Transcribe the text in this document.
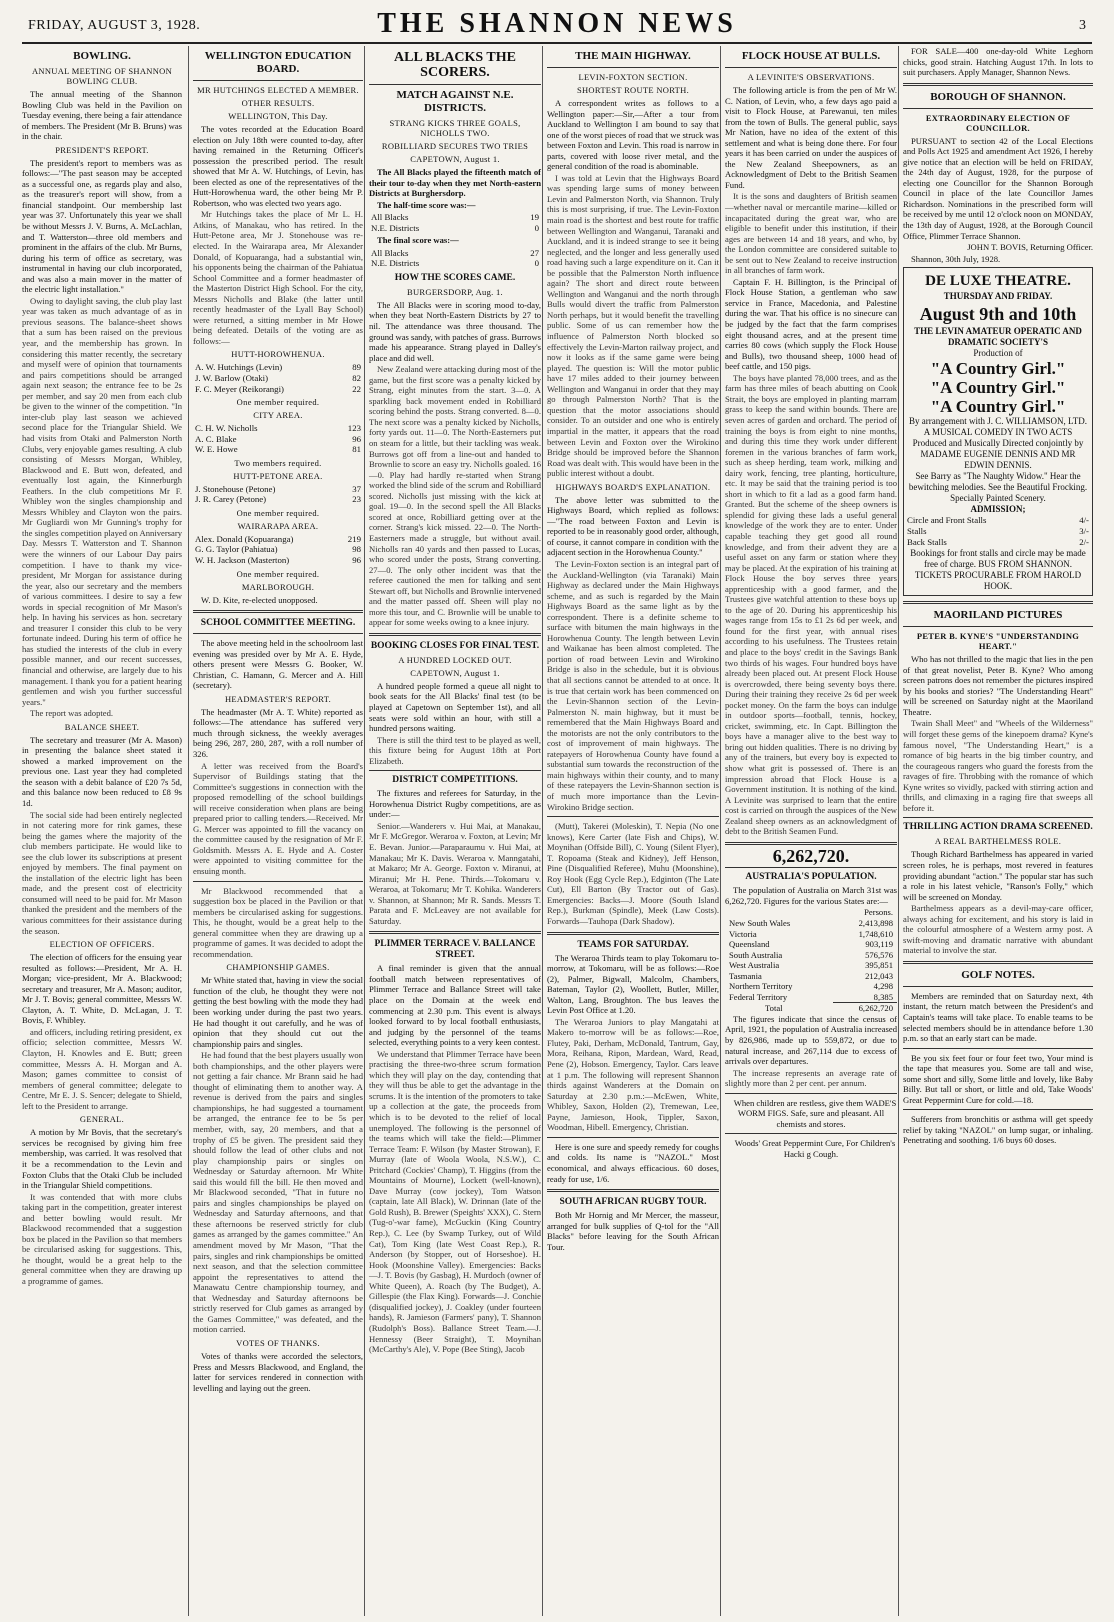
FRIDAY, AUGUST 3, 1928.	THE SHANNON NEWS	3
BOWLING.
ANNUAL MEETING OF SHANNON BOWLING CLUB.

The annual meeting of the Shannon Bowling Club was held in the Pavilion on Tuesday evening, there being a fair attendance of members. The President (Mr B. Bruns) was in the chair.

PRESIDENT'S REPORT.

The president's report to members was as follows:—"The past season may be accepted as a successful one, as regards play and also, as the treasurer's report will show, from a financial standpoint. Our membership last year was 37. Unfortunately this year we shall be without Messrs J. V. Burns, A. McLachlan, and T. Watterston—three old members and prominent in the affairs of the club. Mr Burns, during his term of office as secretary, was instrumental in having our club incorporated, and was also a main mover in the matter of the electric light installation."

Owing to daylight saving, the club play last year was taken as much advantage of as in previous seasons. The balance-sheet shows that a sum has been raised on the previous year, and the membership has grown. In considering this matter recently, the secretary and myself were of opinion that tournaments and pairs competitions should be arranged again next season; the entrance fee to be 2s per member, and say 20 men from each club be given to the winner of the competition. "In inter-club play last season we achieved second place for the Triangular Shield. We had visits from Otaki and Palmerston North Clubs, very enjoyable games resulting. A club consisting of Messrs Morgan, Whibley, Blackwood and E. Butt won, defeated, and eventually lost again, the Kinnerburgh Feathers. In the club competitions Mr F. Whibley won the singles championship and Messrs Whibley and Clayton won the pairs. Mr Gugliardi won Mr Gunning's trophy for the singles competition played on Anniversary Day. Messrs T. Watterston and T. Shannon were the winners of our Labour Day pairs competition. I have to thank my vice-president, Mr Morgan for assistance during the year, also our secretary and the members of various committees. I desire to say a few words in special recognition of Mr Mason's help. In having his services as hon. secretary and treasurer I consider this club to be very fortunate indeed. During his term of office he has studied the interests of the club in every possible manner, and our recent successes, financial and otherwise, are largely due to his management. I thank you for a patient hearing gentlemen and wish you further successful years."

The report was adopted.

BALANCE SHEET.

The secretary and treasurer (Mr A. Mason) in presenting the balance sheet stated it showed a marked improvement on the previous one. Last year they had completed the season with a debit balance of £20 7s 5d, and this balance now been reduced to £8 9s 1d.

The social side had been entirely neglected in not catering more for rink games, these being the games where the majority of the club members participate. He would like to see the club lower its subscriptions at present enjoyed by members. The final payment on the installation of the electric light has been made, and the present cost of electricity consumed will need to be paid for. Mr Mason thanked the president and the members of the various committees for their assistance during the season.

ELECTION OF OFFICERS.

The election of officers for the ensuing year resulted as follows:—President, Mr A. H. Morgan; vice-president, Mr A. Blackwood; secretary and treasurer, Mr A. Mason; auditor, Mr J. T. Bovis; general committee, Messrs W. Clayton, A. T. White, D. McLagan, J. T. Bovis, F. Whibley.

and officers, including retiring president, ex officio; selection committee, Messrs W. Clayton, H. Knowles and E. Butt; green committee, Messrs A. H. Morgan and A. Mason; games committee to consist of members of general committee; delegate to Centre, Mr E. J. S. Sencer; delegate to Shield, left to the President to arrange.

GENERAL.

A motion by Mr Bovis, that the secretary's services be recognised by giving him free membership, was carried. It was resolved that it be a recommendation to the Levin and Foxton Clubs that the Otaki Club be included in the Triangular Shield competitions.

It was contended that with more clubs taking part in the competition, greater interest and better bowling would result. Mr Blackwood recommended that a suggestion box be placed in the Pavilion so that members be circularised asking for suggestions. This, he thought, would be a great help to the general committee when they are drawing up a programme of games.

WELLINGTON EDUCATION BOARD.
MR HUTCHINGS ELECTED A MEMBER.
OTHER RESULTS.
WELLINGTON, This Day.

The votes recorded at the Education Board election on July 18th were counted to-day, after having remained in the Returning Officer's possession the prescribed period. The result showed that Mr A. W. Hutchings, of Levin, has been elected as one of the representatives of the Hutt-Horowhenua ward, the other being Mr P. Robertson, who was elected two years ago.

Mr Hutchings takes the place of Mr L. H. Atkins, of Manakau, who has retired. In the Hutt-Petone area, Mr J. Stonehouse was re-elected. In the Wairarapa area, Mr Alexander Donald, of Kopuaranga, had a substantial win, his opponents being the chairman of the Pahiatua School Committee and a former headmaster of the Masterton District High School. For the city, Messrs Nicholls and Blake (the latter until recently headmaster of the Lyall Bay School) were returned, a sitting member in Mr Howe being defeated. Details of the voting are as follows:—

HUTT-HOROWHENUA.
A. W. Hutchings (Levin)	89
J. W. Barlow (Otaki)	82
F. C. Meyer (Reikorangi)	22
One member required.
CITY AREA.
C. H. W. Nicholls	123
A. C. Blake	96
W. E. Howe	81
Two members required.
HUTT-PETONE AREA.
J. Stonehouse (Petone)	37
J. R. Carey (Petone)	23
One member required.
WAIRARAPA AREA.
Alex. Donald (Kopuaranga)	219
G. G. Taylor (Pahiatua)	98
W. H. Jackson (Masterton)	96
One member required.
MARLBOROUGH.

W. D. Kite, re-elected unopposed.

SCHOOL COMMITTEE MEETING.

The above meeting held in the schoolroom last evening was presided over by Mr A. E. Hyde, others present were Messrs G. Booker, W. Christian, C. Hamann, G. Mercer and A. Hill (secretary).

HEADMASTER'S REPORT.

The headmaster (Mr A. T. White) reported as follows:—The attendance has suffered very much through sickness, the weekly averages being 296, 287, 280, 287, with a roll number of 326.

A letter was received from the Board's Supervisor of Buildings stating that the Committee's suggestions in connection with the proposed remodelling of the school buildings will receive consideration when plans are being prepared prior to calling tenders.—Received. Mr G. Mercer was appointed to fill the vacancy on the committee caused by the resignation of Mr F. Goldsmith. Messrs A. E. Hyde and A. Coster were appointed to visiting committee for the ensuing month.

Mr Blackwood recommended that a suggestion box be placed in the Pavilion or that members be circularised asking for suggestions. This, he thought, would be a great help to the general committee when they are drawing up a programme of games. It was decided to adopt the recommendation.

CHAMPIONSHIP GAMES.

Mr White stated that, having in view the social function of the club, he thought they were not getting the best bowling with the mode they had been working under during the past two years. He had thought it out carefully, and he was of opinion that they should cut out the championship pairs and singles.

He had found that the best players usually won both championships, and the other players were not getting a fair chance. Mr Brann said he had thought of eliminating them to another way. A revenue is derived from the pairs and singles championships, he had suggested a tournament be arranged, the entrance fee to be 5s per member, with, say, 20 members, and that a trophy of £5 be given. The president said they should follow the lead of other clubs and not play championship pairs or singles on Wednesday or Saturday afternoon. Mr White said this would fill the bill. He then moved and Mr Blackwood seconded, "That in future no pairs and singles championships be played on Wednesday and Saturday afternoons, and that these afternoons be reserved strictly for club games as arranged by the games committee." An amendment moved by Mr Mason, "That the pairs, singles and rink championships be omitted next season, and that the selection committee appoint the representatives to attend the Manawatu Centre championship tourney, and that Wednesday and Saturday afternoons be strictly reserved for Club games as arranged by the Games Committee," was defeated, and the motion carried.

VOTES OF THANKS.

Votes of thanks were accorded the selectors, Press and Messrs Blackwood, and England, the latter for services rendered in connection with levelling and laying out the green.

ALL BLACKS THE SCORERS.
MATCH AGAINST N.E. DISTRICTS.
STRANG KICKS THREE GOALS, NICHOLLS TWO.
ROBILLIARD SECURES TWO TRIES
CAPETOWN, August 1.

The All Blacks played the fifteenth match of their tour to-day when they met North-eastern Districts at Burghersdorp.

The half-time score was:—

All Blacks	19
N.E. Districts	0

The final score was:—

All Blacks	27
N.E. Districts	0
HOW THE SCORES CAME.
BURGERSDORP, Aug. 1.

The All Blacks were in scoring mood to-day, when they beat North-Eastern Districts by 27 to nil. The attendance was three thousand. The ground was sandy, with patches of grass. Burrows made his appearance. Strang played in Dalley's place and did well.

New Zealand were attacking during most of the game, but the first score was a penalty kicked by Strang, eight minutes from the start. 3—0. A sparkling back movement ended in Robilliard scoring behind the posts. Strang converted. 8—0. The next score was a penalty kicked by Nicholls, forty yards out. 11—0. The North-Easterners put on steam for a little, but their tackling was weak. Burrows got off from a line-out and handed to Brownlie to score an easy try. Nicholls goaled. 16—0. Play had hardly re-started when Strang worked the blind side of the scrum and Robilliard scored. Nicholls just missing with the kick at goal. 19—0. In the second spell the All Blacks scored at once, Robilliard getting over at the corner. Strang's kick missed. 22—0. The North-Easterners made a struggle, but without avail. Nicholls ran 40 yards and then passed to Lucas, who scored under the posts, Strang converting. 27—0. The only other incident was that the referee cautioned the men for talking and sent Stewart off, but Nicholls and Brownlie intervened and the matter passed off. Sheen will play no more this tour, and C. Brownlie will be unable to appear for some weeks owing to a knee injury.

BOOKING CLOSES FOR FINAL TEST.
A HUNDRED LOCKED OUT.
CAPETOWN, August 1.

A hundred people formed a queue all night to book seats for the All Blacks' final test (to be played at Capetown on September 1st), and all seats were sold within an hour, with still a hundred persons waiting.

There is still the third test to be played as well, this fixture being for August 18th at Port Elizabeth.

DISTRICT COMPETITIONS.

The fixtures and referees for Saturday, in the Horowhenua District Rugby competitions, are as under:—

Senior.—Wanderers v. Hui Mai, at Manakau, Mr F. McGregor. Weraroa v. Foxton, at Levin; Mr E. Bevan. Junior.—Paraparaumu v. Hui Mai, at Manakau; Mr K. Davis. Weraroa v. Manngatahi, at Makaro; Mr A. George. Foxton v. Miranui, at Miranui; Mr H. Pene. Thirds.—Tokomaru v. Weraroa, at Tokomaru; Mr T. Kohika. Wanderers v. Shannon, at Shannon; Mr R. Sands. Messrs T. Parata and F. McLeavey are not available for Saturday.

PLIMMER TERRACE V. BALLANCE STREET.

A final reminder is given that the annual football match between representatives of Plimmer Terrace and Ballance Street will take place on the Domain at the week end commencing at 2.30 p.m. This event is always looked forward to by local football enthusiasts, and judging by the personnel of the teams selected, everything points to a very keen contest.

We understand that Plimmer Terrace have been practising the three-two-three scrum formation which they will play on the day, contending that they will thus be able to get the advantage in the scrums. It is the intention of the promoters to take up a collection at the gate, the proceeds from which is to be devoted to the relief of local unemployed. The following is the personnel of the teams which will take the field:—Plimmer Terrace Team: F. Wilson (by Master Strowan), F. Murray (late of Woola Woola, N.S.W.), C. Pritchard (Cockies' Champ), T. Higgins (from the Mountains of Mourne), Lockett (well-known), Dave Murray (cow jockey), Tom Watson (captain, late All Black), W. Drinnan (late of the Gold Rush), B. Brewer (Speights' XXX), C. Stern (Tug-o'-war fame), McGuckin (King Country Rep.), C. Lee (by Swamp Turkey, out of Wild Cat), Tom King (late West Coast Rep.), R. Anderson (by Stopper, out of Horseshoe). H. Hook (Moonshine Valley). Emergencies: Backs—J. T. Bovis (by Gasbag), H. Murdoch (owner of White Queen), A. Roach (by The Budget), A. Gillespie (the Flax King). Forwards—J. Conchie (disqualified jockey), J. Coakley (under fourteen hands), R. Jamieson (Farmers' pany), T. Shannon (Rudolph's Boss). Ballance Street Team.—J. Hennessy (Beer Straight), T. Moynihan (McCarthy's Ale), V. Pope (Bee Sting), Jacob

THE MAIN HIGHWAY.
LEVIN-FOXTON SECTION.
SHORTEST ROUTE NORTH.

A correspondent writes as follows to a Wellington paper:—Sir,—After a tour from Auckland to Wellington I am bound to say that one of the worst pieces of road that we struck was between Foxton and Levin. This road is narrow in parts, covered with loose river metal, and the general condition of the road is abominable.

I was told at Levin that the Highways Board was spending large sums of money between Levin and Palmerston North, via Shannon. Truly this is most surprising, if true. The Levin-Foxton main road is the shortest and best route for traffic between Wellington and Wanganui, Taranaki and Auckland, and it is indeed strange to see it being neglected, and the longer and less generally used road having such a large expenditure on it. Can it be possible that the Palmerston North influence again? The short and direct route between Wellington and Wanganui and the north through Bulls would divert the traffic from Palmerston North perhaps, but it would benefit the travelling public. Some of us can remember how the influence of Palmerston North blocked so effectively the Levin-Marton railway project, and now it looks as if the same game were being played. The question is: Will the motor public have 17 miles added to their journey between Wellington and Wanganui in order that they may go through Palmerston North? That is the question that the motor associations should consider. To an outsider and one who is entirely impartial in the matter, it appears that the road between Levin and Foxton over the Wirokino Bridge should be improved before the Shannon Road was dealt with. This would have been in the public interest without a doubt.

HIGHWAYS BOARD'S EXPLANATION.

The above letter was submitted to the Highways Board, which replied as follows:—"The road between Foxton and Levin is reported to be in reasonably good order, although, of course, it cannot compare in condition with the adjacent section in the Horowhenua County."

The Levin-Foxton section is an integral part of the Auckland-Wellington (via Taranaki) Main Highway as declared under the Main Highways scheme, and as such is regarded by the Main Highways Board as the same light as by the correspondent. There is a definite scheme to surface with bitumen the main highways in the Horowhenua County. The length between Levin and Waikanae has been almost completed. The portion of road between Levin and Wirokino Bridge is also in the schedule, but it is obvious that all sections cannot be attended to at once. It is true that certain work has been commenced on the Levin-Shannon section of the Levin-Palmerston N. main highway, but it must be remembered that the Main Highways Board and the motorists are not the only contributors to the cost of improvement of main highways. The ratepayers of Horowhenua County have found a substantial sum towards the reconstruction of the main highways within their county, and to many of these ratepayers the Levin-Shannon section is of much more importance than the Levin-Wirokino Bridge section.

(Mutt), Takerei (Moleskin), T. Nepia (No one knows), Kere Carter (late Fish and Chips), W. Moynihan (Offside Bill), C. Young (Silent Flyer), T. Ropoama (Steak and Kidney), Jeff Henson, Pine (Disqualified Referee), Muhu (Moonshine), Roy Hook (Egg Cycle Rep.), Edginton (The Late Cut), Ell Barton (By Tractor out of Gas). Emergencies: Backs—J. Moore (South Island Rep.), Burkman (Spindle), Meek (Law Costs). Forwards—Tauhopa (Dark Shadow).

TEAMS FOR SATURDAY.

The Weraroa Thirds team to play Tokomaru to-morrow, at Tokomaru, will be as follows:—Roe (2), Palmer, Bigwall, Malcolm, Chambers, Bateman, Taylor (2), Woollett, Butler, Miller, Walton, Lang, Broughton. The bus leaves the Levin Post Office at 1.20.

The Weraroa Juniors to play Mangatahi at Makero to-morrow will be as follows:—Roe, Flutey, Paki, Derham, McDonald, Tantrum, Gay, Mora, Reihana, Ripon, Mardean, Ward, Read, Pene (2), Hobson. Emergency, Taylor. Cars leave at 1 p.m. The following will represent Shannon thirds against Wanderers at the Domain on Saturday at 2.30 p.m.:—McEwen, White, Whibley, Saxon, Holden (2), Tremewan, Lee, Payne, Jamieson, Hook, Tippler, Saxon, Woodman, Hibell. Emergency, Christian.

Here is one sure and speedy remedy for coughs and colds. Its name is "NAZOL." Most economical, and always efficacious. 60 doses, ready for use, 1/6.

SOUTH AFRICAN RUGBY TOUR.

Both Mr Hornig and Mr Mercer, the masseur, arranged for bulk supplies of Q-tol for the "All Blacks" before leaving for the South African Tour.

FLOCK HOUSE AT BULLS.
A LEVINITE'S OBSERVATIONS.

The following article is from the pen of Mr W. C. Nation, of Levin, who, a few days ago paid a visit to Flock House, at Parewanui, ten miles from the town of Bulls. The general public, says Mr Nation, have no idea of the extent of this settlement and what is being done there. For four years it has been carried on under the auspices of the New Zealand Sheepowners, as an Acknowledgment of Debt to the British Seamen Fund.

It is the sons and daughters of British seamen—whether naval or mercantile marine—killed or incapacitated during the great war, who are eligible to benefit under this institution, if their ages are between 14 and 18 years, and who, by the London committee are considered suitable to be sent out to New Zealand to receive instruction in all branches of farm work.

Captain F. H. Billington, is the Principal of Flock House Station, a gentleman who saw service in France, Macedonia, and Palestine during the war. That his office is no sinecure can be judged by the fact that the farm comprises eight thousand acres, and at the present time carries 80 cows (which supply the Flock House and Bulls), two thousand sheep, 1000 head of beef cattle, and 150 pigs.

The boys have planted 78,000 trees, and as the farm has three miles of beach abutting on Cook Strait, the boys are employed in planting marram grass to keep the sand within bounds. There are seven acres of garden and orchard. The period of training the boys is from eight to nine months, and during this time they work under different foremen in the various branches of farm work, such as sheep herding, team work, milking and dairy work, fencing, tree planting, horticulture, etc. It may be said that the training period is too short in which to fit a lad as a good farm hand. Granted. But the scheme of the sheep owners is splendid for giving these lads a useful general knowledge of the work they are to enter. Under capable teaching they get good all round knowledge, and from their advent they are a useful asset on any farm or station where they may be placed. At the expiration of his training at Flock House the boy serves three years apprenticeship with a good farmer, and the Trustees give watchful attention to these boys up to the age of 20. During his apprenticeship his wages range from 15s to £1 2s 6d per week, and found for the first year, with annual rises according to his usefulness. The Trustees retain and place to the boys' credit in the Savings Bank two thirds of his wages. Four hundred boys have already been placed out. At present Flock House is overcrowded, there being seventy boys there. During their training they receive 2s 6d per week pocket money. On the farm the boys can indulge in outdoor sports—football, tennis, hockey, cricket, swimming, etc. In Capt. Billington the boys have a manager alive to the best way to bring out hidden qualities. There is no driving by any of the trainers, but every boy is expected to show what grit is possessed of. There is an impression abroad that Flock House is a Government institution. It is nothing of the kind. A Levinite was surprised to learn that the entire cost is carried on through the auspices of the New Zealand sheep owners as an acknowledgment of debt to the British Seamen Fund.

6,262,720.
AUSTRALIA'S POPULATION.

The population of Australia on March 31st was 6,262,720. Figures for the various States are:—

	Persons.
New South Wales	2,413,898
Victoria	1,748,610
Queensland	903,119
South Australia	576,576
West Australia	395,851
Tasmania	212,043
Northern Territory	4,298
Federal Territory	8,385
Total	6,262,720

The figures indicate that since the census of April, 1921, the population of Australia increased by 826,986, made up to 559,872, or due to natural increase, and 267,114 due to excess of arrivals over departures.

The increase represents an average rate of slightly more than 2 per cent. per annum.

When children are restless, give them WADE'S WORM FIGS. Safe, sure and pleasant. All chemists and stores.

Woods' Great Peppermint Cure, For Children's Hacki g Cough.

FOR SALE—400 one-day-old White Leghorn chicks, good strain. Hatching August 17th. In lots to suit purchasers. Apply Manager, Shannon News.

BOROUGH OF SHANNON.
EXTRAORDINARY ELECTION OF COUNCILLOR.

PURSUANT to section 42 of the Local Elections and Polls Act 1925 and amendment Act 1926, I hereby give notice that an election will be held on FRIDAY, the 24th day of August, 1928, for the purpose of electing one Councillor for the Shannon Borough Council in place of the late Councillor James Richardson. Nominations in the prescribed form will be received by me until 12 o'clock noon on MONDAY, the 13th day of August, 1928, at the Borough Council Office, Plimmer Terrace Shannon.

JOHN T. BOVIS, Returning Officer.

Shannon, 30th July, 1928.

DE LUXE THEATRE.
THURSDAY AND FRIDAY.
August 9th and 10th
THE LEVIN AMATEUR OPERATIC AND DRAMATIC SOCIETY'S
Production of
"A Country Girl."
"A Country Girl."
"A Country Girl."
By arrangement with J. C. WILLIAMSON, LTD.
A MUSICAL COMEDY IN TWO ACTS Produced and Musically Directed conjointly by MADAME EUGENIE DENNIS AND MR EDWIN DENNIS.
See Barry as "The Naughty Widow." Hear the bewitching melodies. See the Beautiful Frocking. Specially Painted Scenery.
ADMISSION;
Circle and Front Stalls	4/-
Stalls	3/-
Back Stalls	2/-
Bookings for front stalls and circle may be made free of charge. BUS FROM SHANNON. TICKETS PROCURABLE FROM HAROLD HOOK.
MAORILAND PICTURES
PETER B. KYNE'S "UNDERSTANDING HEART."

Who has not thrilled to the magic that lies in the pen of that great novelist, Peter B. Kyne? Who among screen patrons does not remember the pictures inspired by his books and stories? "The Understanding Heart" will be screened on Saturday night at the Maoriland Theatre.

Twain Shall Meet" and "Wheels of the Wilderness" will forget these gems of the kinepoem drama? Kyne's famous novel, "The Understanding Heart," is a romance of big hearts in the big timber country, and the courageous rangers who guard the forests from the ravages of fire. Throbbing with the romance of which Kyne writes so vividly, packed with stirring action and thrills, and climaxing in a raging fire that sweeps all before it.

THRILLING ACTION DRAMA SCREENED.
A REAL BARTHELMESS ROLE.

Though Richard Barthelmess has appeared in varied screen roles, he is perhaps, most revered in features providing abundant "action." The popular star has such a role in his latest vehicle, "Ranson's Folly," which will be screened on Monday.

Barthelmess appears as a devil-may-care officer, always aching for excitement, and his story is laid in the colourful atmosphere of a Western army post. A swift-moving and dramatic narrative with abundant material to involve the star.

GOLF NOTES.

Members are reminded that on Saturday next, 4th instant, the return match between the President's and Captain's teams will take place. To enable teams to be selected members should be in attendance before 1.30 p.m. so that an early start can be made.

Be you six feet four or four feet two, Your mind is the tape that measures you. Some are tall and wise, some short and silly, Some little and lovely, like Baby Billy. But tall or short, or little and old, Take Woods' Great Peppermint Cure for cold.—18.

Sufferers from bronchitis or asthma will get speedy relief by taking "NAZOL" on lump sugar, or inhaling. Penetrating and soothing. 1/6 buys 60 doses.
